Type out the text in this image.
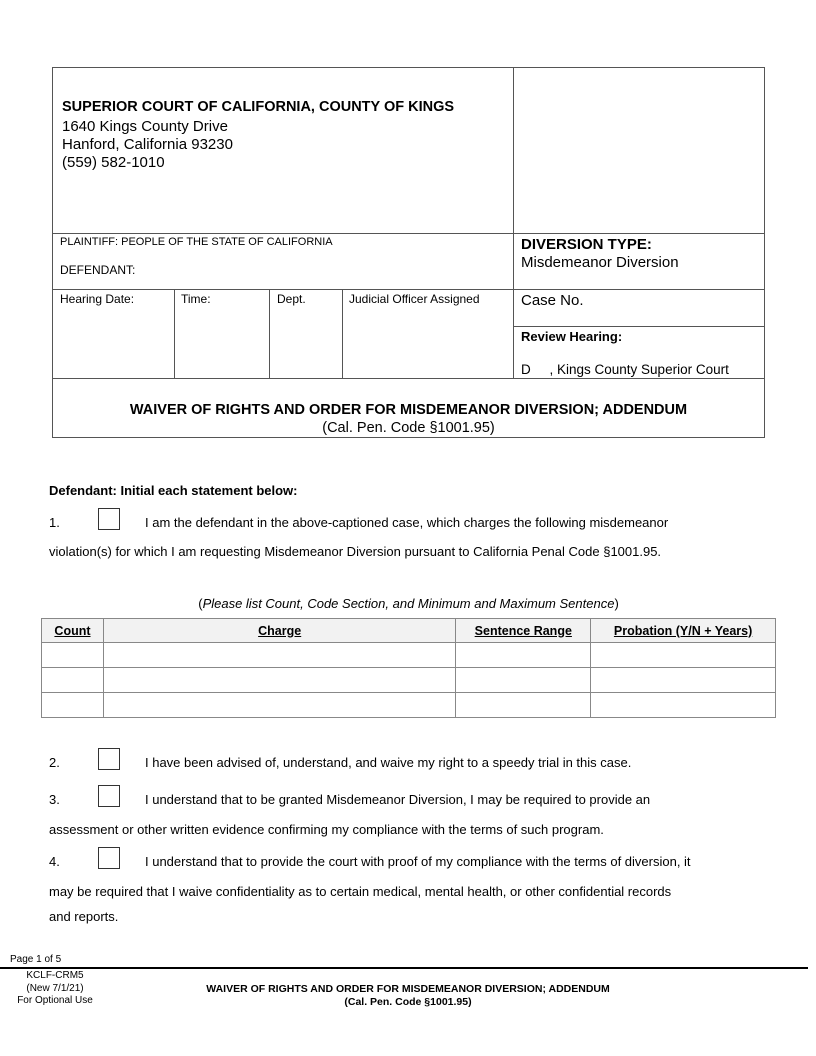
SUPERIOR COURT OF CALIFORNIA, COUNTY OF KINGS
1640 Kings County Drive
Hanford, California 93230
(559) 582-1010
PLAINTIFF: PEOPLE OF THE STATE OF CALIFORNIA
DEFENDANT:
DIVERSION TYPE:
Misdemeanor Diversion
Hearing Date:	Time:	Dept.	Judicial Officer Assigned	Case No.
Review Hearing:
D     , Kings County Superior Court
WAIVER OF RIGHTS AND ORDER FOR MISDEMEANOR DIVERSION; ADDENDUM
(Cal. Pen. Code §1001.95)
Defendant: Initial each statement below:
1.	I am the defendant in the above-captioned case, which charges the following misdemeanor
violation(s) for which I am requesting Misdemeanor Diversion pursuant to California Penal Code §1001.95.
(Please list Count, Code Section, and Minimum and Maximum Sentence)
Count	Charge	Sentence Range	Probation (Y/N + Years)

2.	I have been advised of, understand, and waive my right to a speedy trial in this case.
3.	I understand that to be granted Misdemeanor Diversion, I may be required to provide an
assessment or other written evidence confirming my compliance with the terms of such program.
4.	I understand that to provide the court with proof of my compliance with the terms of diversion, it
may be required that I waive confidentiality as to certain medical, mental health, or other confidential records
and reports.
Page 1 of 5
KCLF-CRM5
(New 7/1/21)
For Optional Use
WAIVER OF RIGHTS AND ORDER FOR MISDEMEANOR DIVERSION; ADDENDUM
(Cal. Pen. Code §1001.95)
